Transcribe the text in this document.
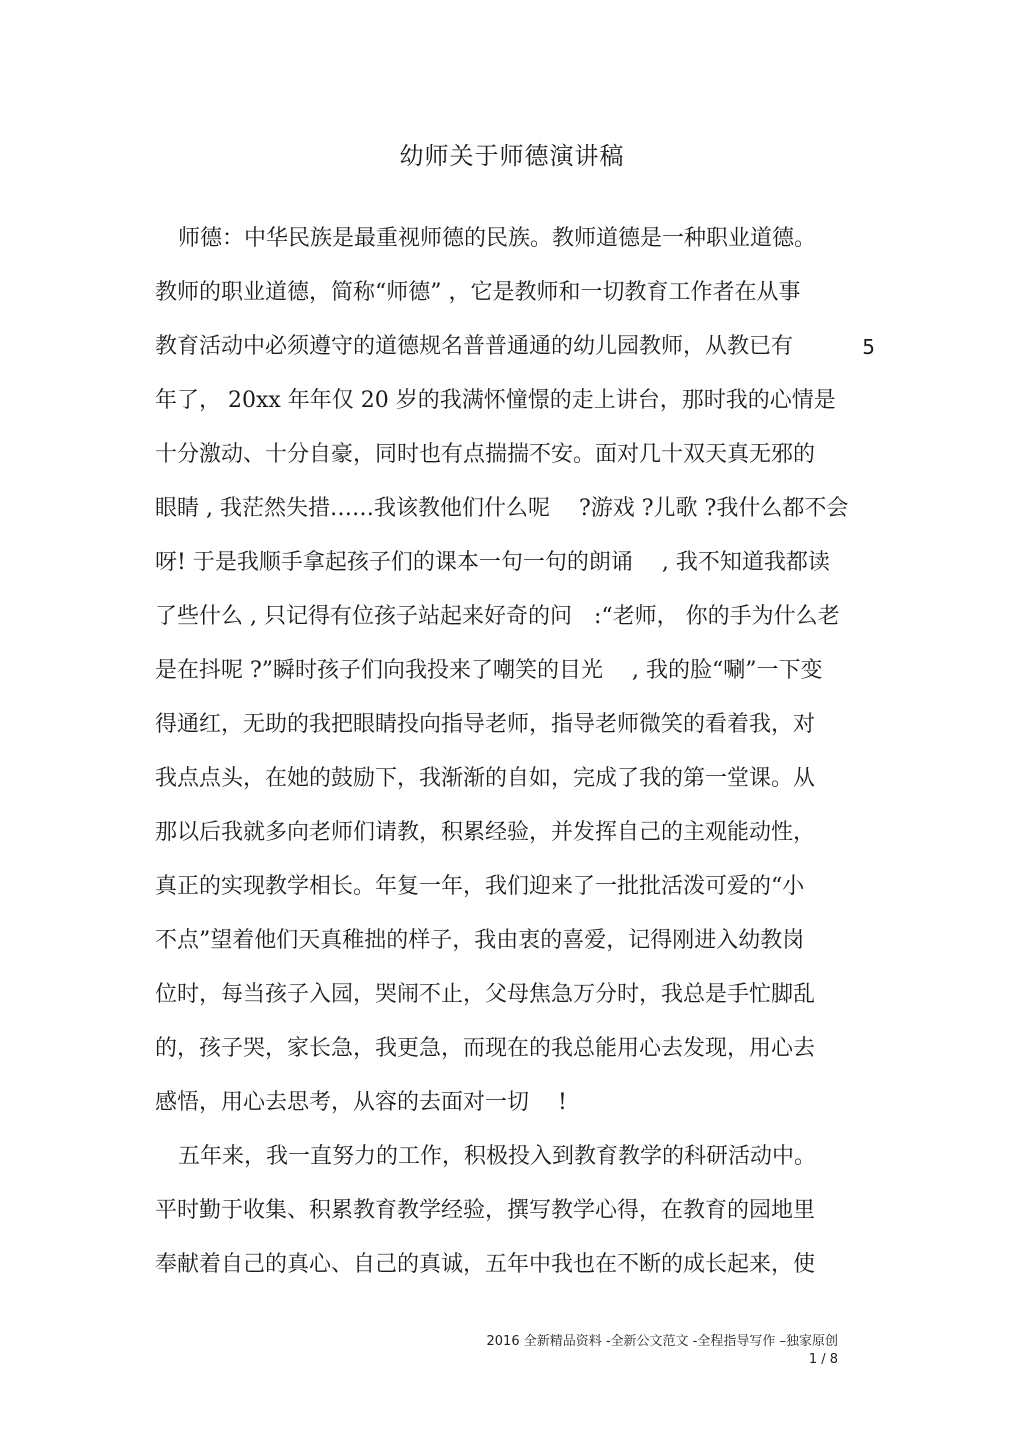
幼师关于师德演讲稿
师德：中华民族是最重视师德的民族。教师道德是一种职业道德。
教师的职业道德，简称“师德” ，它是教师和一切教育工作者在从事
教育活动中必须遵守的道德规名普普通通的幼儿园教师，从教已有	5
年了， 20xx 年年仅 20 岁的我满怀憧憬的走上讲台，那时我的心情是
十分激动、十分自豪，同时也有点揣揣不安。面对几十双天真无邪的
眼睛 , 我茫然失措……我该教他们什么呢　 ?游戏 ?儿歌 ?我什么都不会
呀! 于是我顺手拿起孩子们的课本一句一句的朗诵　 , 我不知道我都读
了些什么 , 只记得有位孩子站起来好奇的问　:“老师， 你的手为什么老
是在抖呢 ?”瞬时孩子们向我投来了嘲笑的目光　 , 我的脸“唰”一下变
得通红，无助的我把眼睛投向指导老师，指导老师微笑的看着我，对
我点点头，在她的鼓励下，我渐渐的自如，完成了我的第一堂课。从
那以后我就多向老师们请教，积累经验，并发挥自己的主观能动性，
真正的实现教学相长。年复一年，我们迎来了一批批活泼可爱的“小
不点”望着他们天真稚拙的样子，我由衷的喜爱，记得刚进入幼教岗
位时，每当孩子入园，哭闹不止，父母焦急万分时，我总是手忙脚乱
的，孩子哭，家长急，我更急，而现在的我总能用心去发现，用心去
感悟，用心去思考，从容的去面对一切　 !
五年来，我一直努力的工作，积极投入到教育教学的科研活动中。
平时勤于收集、积累教育教学经验，撰写教学心得，在教育的园地里
奉献着自己的真心、自己的真诚，五年中我也在不断的成长起来，使
2016 全新精品资料 -全新公文范文 -全程指导写作 –独家原创
1 / 8
